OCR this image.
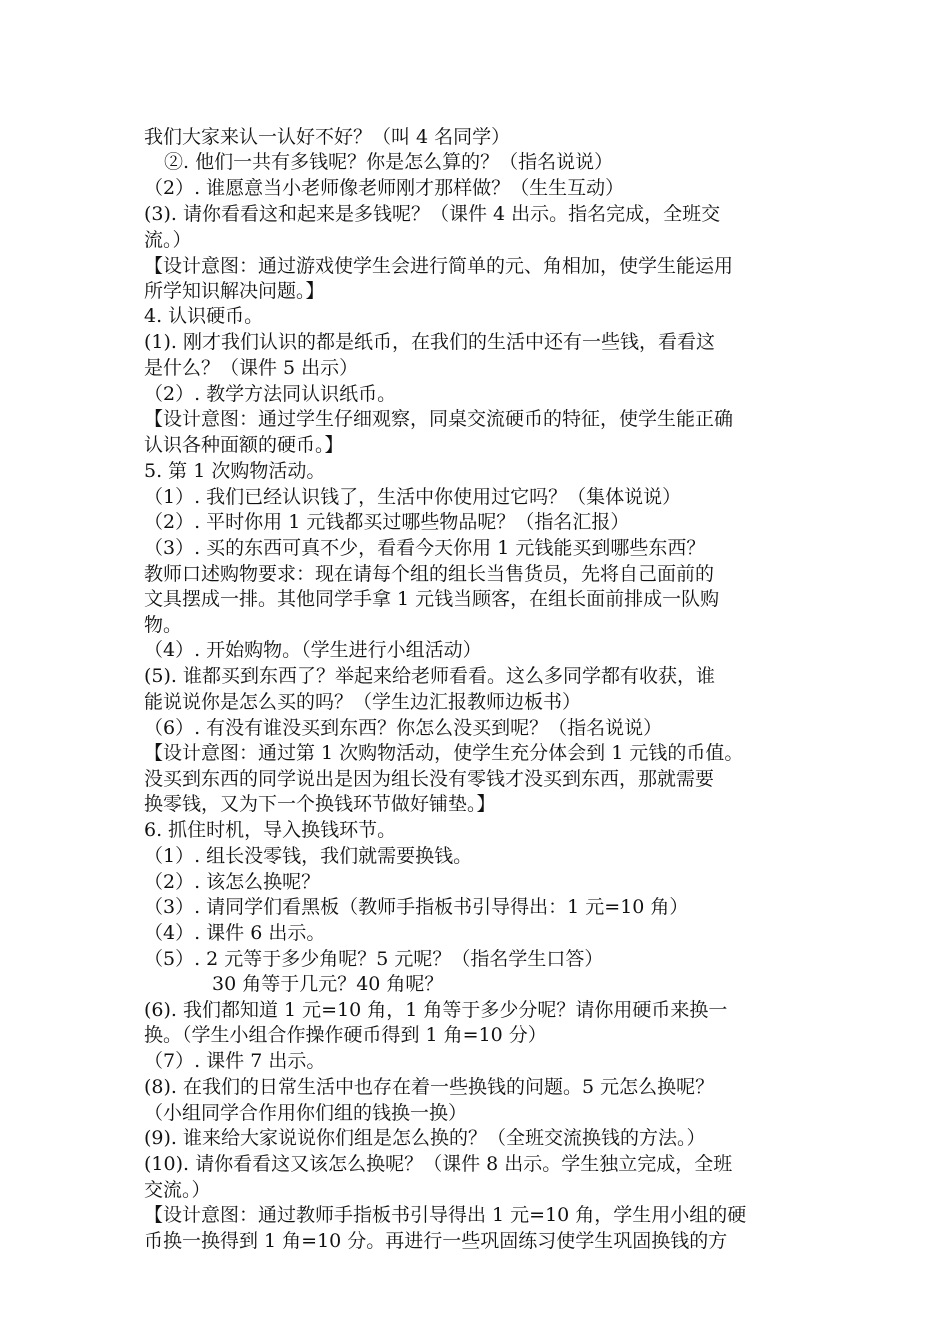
我们大家来认一认好不好？（叫 4 名同学）
②. 他们一共有多钱呢？你是怎么算的？（指名说说）
（2）. 谁愿意当小老师像老师刚才那样做？（生生互动）
(3). 请你看看这和起来是多钱呢？（课件 4 出示。指名完成，全班交
流。）
【设计意图：通过游戏使学生会进行简单的元、角相加，使学生能运用
所学知识解决问题。】
4. 认识硬币。
(1). 刚才我们认识的都是纸币，在我们的生活中还有一些钱，看看这
是什么？（课件 5 出示）
（2）. 教学方法同认识纸币。
【设计意图：通过学生仔细观察，同桌交流硬币的特征，使学生能正确
认识各种面额的硬币。】
5. 第 1 次购物活动。
（1）. 我们已经认识钱了，生活中你使用过它吗？（集体说说）
（2）. 平时你用 1 元钱都买过哪些物品呢？（指名汇报）
（3）. 买的东西可真不少，看看今天你用 1 元钱能买到哪些东西？
教师口述购物要求：现在请每个组的组长当售货员，先将自己面前的
文具摆成一排。其他同学手拿 1 元钱当顾客，在组长面前排成一队购
物。
（4）. 开始购物。（学生进行小组活动）
(5). 谁都买到东西了？举起来给老师看看。这么多同学都有收获，谁
能说说你是怎么买的吗？（学生边汇报教师边板书）
（6）. 有没有谁没买到东西？你怎么没买到呢？（指名说说）
【设计意图：通过第 1 次购物活动，使学生充分体会到 1 元钱的币值。
没买到东西的同学说出是因为组长没有零钱才没买到东西，那就需要
换零钱，又为下一个换钱环节做好铺垫。】
6. 抓住时机，导入换钱环节。
（1）. 组长没零钱，我们就需要换钱。
（2）. 该怎么换呢？
（3）. 请同学们看黑板（教师手指板书引导得出：1 元=10 角）
（4）. 课件 6 出示。
（5）. 2 元等于多少角呢？5 元呢？（指名学生口答）
30 角等于几元？40 角呢？
(6). 我们都知道 1 元=10 角，1 角等于多少分呢？请你用硬币来换一
换。（学生小组合作操作硬币得到 1 角=10 分）
（7）. 课件 7 出示。
(8). 在我们的日常生活中也存在着一些换钱的问题。5 元怎么换呢？
（小组同学合作用你们组的钱换一换）
(9). 谁来给大家说说你们组是怎么换的？（全班交流换钱的方法。）
(10). 请你看看这又该怎么换呢？（课件 8 出示。学生独立完成，全班
交流。）
【设计意图：通过教师手指板书引导得出 1 元=10 角，学生用小组的硬
币换一换得到 1 角=10 分。再进行一些巩固练习使学生巩固换钱的方
